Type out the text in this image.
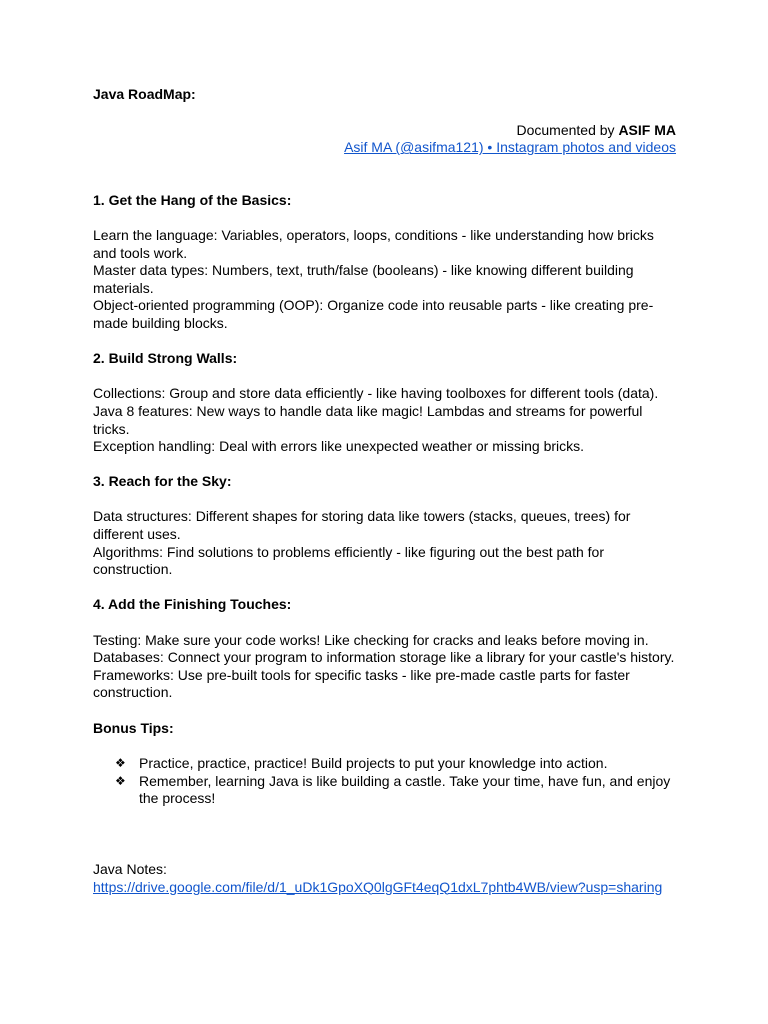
Java RoadMap:

Documented by ASIF MA

Asif MA (@asifma121) • Instagram photos and videos

1. Get the Hang of the Basics:

Learn the language: Variables, operators, loops, conditions - like understanding how bricks and tools work.

Master data types: Numbers, text, truth/false (booleans) - like knowing different building materials.

Object-oriented programming (OOP): Organize code into reusable parts - like creating pre-made building blocks.

2. Build Strong Walls:

Collections: Group and store data efficiently - like having toolboxes for different tools (data).

Java 8 features: New ways to handle data like magic! Lambdas and streams for powerful tricks.

Exception handling: Deal with errors like unexpected weather or missing bricks.

3. Reach for the Sky:

Data structures: Different shapes for storing data like towers (stacks, queues, trees) for different uses.

Algorithms: Find solutions to problems efficiently - like figuring out the best path for construction.

4. Add the Finishing Touches:

Testing: Make sure your code works! Like checking for cracks and leaks before moving in.

Databases: Connect your program to information storage like a library for your castle's history.

Frameworks: Use pre-built tools for specific tasks - like pre-made castle parts for faster construction.

Bonus Tips:

❖ Practice, practice, practice! Build projects to put your knowledge into action.
❖ Remember, learning Java is like building a castle. Take your time, have fun, and enjoy the process!

Java Notes:

https://drive.google.com/file/d/1_uDk1GpoXQ0lgGFt4eqQ1dxL7phtb4WB/view?usp=sharing
